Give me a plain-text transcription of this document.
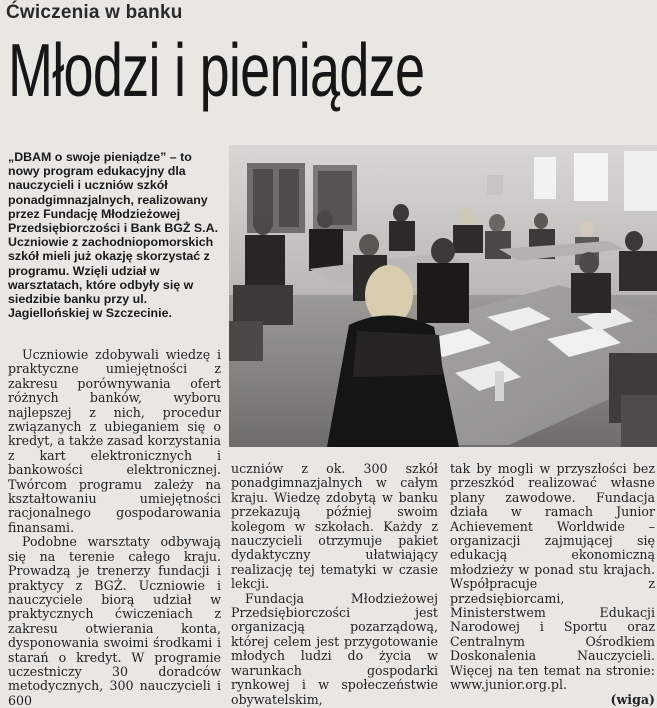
Ćwiczenia w banku
Młodzi i pieniądze
„DBAM o swoje pieniądze” – to nowy program edukacyjny dla nauczycieli i uczniów szkół ponadgimnazjalnych, realizowany przez Fundację Młodzieżowej Przedsiębiorczości i Bank BGŻ S.A. Uczniowie z zachodniopomorskich szkół mieli już okazję skorzystać z programu. Wzięli udział w warsztatach, które odbyły się w siedzibie banku przy ul. Jagiellońskiej w Szczecinie.

Uczniowie zdobywali wiedzę i praktyczne umiejętności z zakresu porównywania ofert różnych banków, wyboru najlepszej z nich, procedur związanych z ubieganiem się o kredyt, a także zasad korzystania z kart elektronicznych i bankowości elektronicznej. Twórcom programu zależy na kształtowaniu umiejętności racjonalnego gospodarowania finansami.

Podobne warsztaty odbywają się na terenie całego kraju. Prowadzą je trenerzy fundacji i praktycy z BGŻ. Uczniowie i nauczyciele biorą udział w praktycznych ćwiczeniach z zakresu otwierania konta, dysponowania swoimi środkami i starań o kredyt. W programie uczestniczy 30 doradców metodycznych, 300 nauczycieli i 600

uczniów z ok. 300 szkół ponadgimnazjalnych w całym kraju. Wiedzę zdobytą w banku przekazują później swoim kolegom w szkołach. Każdy z nauczycieli otrzymuje pakiet dydaktyczny ułatwiający realizację tej tematyki w czasie lekcji.

Fundacja Młodzieżowej Przedsiębiorczości jest organizacją pozarządową, której celem jest przygotowanie młodych ludzi do życia w warunkach gospodarki rynkowej i w społeczeństwie obywatelskim,

tak by mogli w przyszłości bez przeszkód realizować własne plany zawodowe. Fundacja działa w ramach Junior Achievement Worldwide – organizacji zajmującej się edukacją ekonomiczną młodzieży w ponad stu krajach. Współpracuje z przedsiębiorcami, Ministerstwem Edukacji Narodowej i Sportu oraz Centralnym Ośrodkiem Doskonalenia Nauczycieli. Więcej na ten temat na stronie: www.junior.org.pl.

(wiga)
